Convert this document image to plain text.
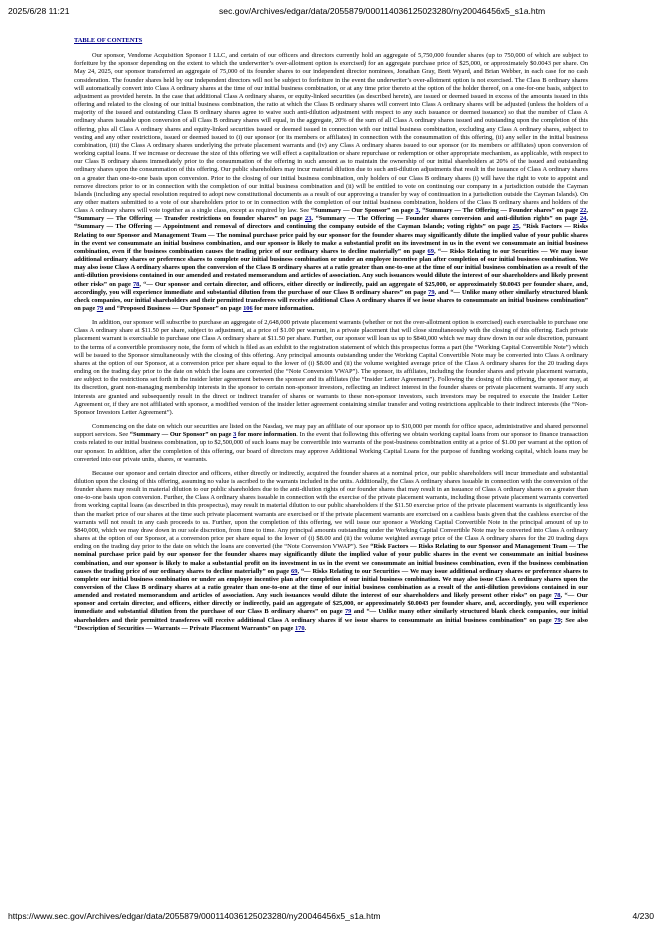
2025/6/28 11:21	sec.gov/Archives/edgar/data/2055879/000114036125023280/ny20046456x5_s1a.htm
TABLE OF CONTENTS

Our sponsor, Vendome Acquisition Sponsor I LLC, and certain of our officers and directors currently hold an aggregate of 5,750,000 founder shares (up to 750,000 of which are subject to forfeiture by the sponsor depending on the extent to which the underwriter’s over-allotment option is exercised) for an aggregate purchase price of $25,000, or approximately $0.0043 per share. On May 24, 2025, our sponsor transferred an aggregate of 75,000 of its founder shares to our independent director nominees, Jonathan Gray, Brett Wyard, and Brian Webber, in each case for no cash consideration. The founder shares held by our independent directors will not be subject to forfeiture in the event the underwriter’s over-allotment option is not exercised. The Class B ordinary shares will automatically convert into Class A ordinary shares at the time of our initial business combination, or at any time prior thereto at the option of the holder thereof, on a one-for-one basis, subject to adjustment as provided herein. In the case that additional Class A ordinary shares, or equity-linked securities (as described herein), are issued or deemed issued in excess of the amounts issued in this offering and related to the closing of our initial business combination, the ratio at which the Class B ordinary shares will convert into Class A ordinary shares will be adjusted (unless the holders of a majority of the issued and outstanding Class B ordinary shares agree to waive such anti-dilution adjustment with respect to any such issuance or deemed issuance) so that the number of Class A ordinary shares issuable upon conversion of all Class B ordinary shares will equal, in the aggregate, 20% of the sum of all Class A ordinary shares issued and outstanding upon the completion of this offering, plus all Class A ordinary shares and equity-linked securities issued or deemed issued in connection with our initial business combination, excluding any Class A ordinary shares, subject to vesting and any other restrictions, issued or deemed issued to (i) our sponsor (or its members or affiliates) in connection with the consummation of this offering, (ii) any seller in the initial business combination, (iii) the Class A ordinary shares underlying the private placement warrants and (iv) any Class A ordinary shares issued to our sponsor (or its members or affiliates) upon conversion of working capital loans. If we increase or decrease the size of this offering we will effect a capitalization or share repurchase or redemption or other appropriate mechanism, as applicable, with respect to our Class B ordinary shares immediately prior to the consummation of the offering in such amount as to maintain the ownership of our initial shareholders at 20% of the issued and outstanding ordinary shares upon the consummation of this offering. Our public shareholders may incur material dilution due to such anti-dilution adjustments that result in the issuance of Class A ordinary shares on a greater than one-to-one basis upon conversion. Prior to the closing of our initial business combination, only holders of our Class B ordinary shares (i) will have the right to vote to appoint and remove directors prior to or in connection with the completion of our initial business combination and (ii) will be entitled to vote on continuing our company in a jurisdiction outside the Cayman Islands (including any special resolution required to adopt new constitutional documents as a result of our approving a transfer by way of continuation in a jurisdiction outside the Cayman Islands). On any other matters submitted to a vote of our shareholders prior to or in connection with the completion of our initial business combination, holders of the Class B ordinary shares and holders of the Class A ordinary shares will vote together as a single class, except as required by law. See “Summary — Our Sponsor” on page 3, “Summary — The Offering — Founder shares” on page 22, “Summary — The Offering — Transfer restrictions on founder shares” on page 23, “Summary — The Offering — Founder shares conversion and anti-dilution rights” on page 24, “Summary — The Offering — Appointment and removal of directors and continuing the company outside of the Cayman Islands; voting rights” on page 25, “Risk Factors — Risks Relating to our Sponsor and Management Team — The nominal purchase price paid by our sponsor for the founder shares may significantly dilute the implied value of your public shares in the event we consummate an initial business combination, and our sponsor is likely to make a substantial profit on its investment in us in the event we consummate an initial business combination, even if the business combination causes the trading price of our ordinary shares to decline materially” on page 69, “— Risks Relating to our Securities — We may issue additional ordinary shares or preference shares to complete our initial business combination or under an employee incentive plan after completion of our initial business combination. We may also issue Class A ordinary shares upon the conversion of the Class B ordinary shares at a ratio greater than one-to-one at the time of our initial business combination as a result of the anti-dilution provisions contained in our amended and restated memorandum and articles of association. Any such issuances would dilute the interest of our shareholders and likely present other risks” on page 78, “— Our sponsor and certain director, and officers, either directly or indirectly, paid an aggregate of $25,000, or approximately $0.0043 per founder share, and, accordingly, you will experience immediate and substantial dilution from the purchase of our Class B ordinary shares” on page 79, and “— Unlike many other similarly structured blank check companies, our initial shareholders and their permitted transferees will receive additional Class A ordinary shares if we issue shares to consummate an initial business combination” on page 79 and “Proposed Business — Our Sponsor” on page 106 for more information.

In addition, our sponsor will subscribe to purchase an aggregate of 2,648,000 private placement warrants (whether or not the over-allotment option is exercised) each exercisable to purchase one Class A ordinary share at $11.50 per share, subject to adjustment, at a price of $1.00 per warrant, in a private placement that will close simultaneously with the closing of this offering. Each private placement warrant is exercisable to purchase one Class A ordinary share at $11.50 per share. Further, our sponsor will loan us up to $840,000 which we may draw down in our sole discretion, pursuant to the terms of a convertible promissory note, the form of which is filed as an exhibit to the registration statement of which this prospectus forms a part (the “Working Capital Convertible Note”) which will be issued to the Sponsor simultaneously with the closing of this offering. Any principal amounts outstanding under the Working Capital Convertible Note may be converted into Class A ordinary shares at the option of our Sponsor, at a conversion price per share equal to the lower of (i) $8.00 and (ii) the volume weighted average price of the Class A ordinary shares for the 20 trading days ending on the trading day prior to the date on which the loans are converted (the “Note Conversion VWAP”). The sponsor, its affiliates, including the founder shares and private placement warrants, are subject to the restrictions set forth in the insider letter agreement between the sponsor and its affiliates (the “Insider Letter Agreement”). Following the closing of this offering, the sponsor may, at its discretion, grant non-managing membership interests in the sponsor to certain non-sponsor investors, reflecting an indirect interest in the founder shares or private placement warrants. If any such interests are granted and subsequently result in the direct or indirect transfer of shares or warrants to these non-sponsor investors, such investors may be required to execute the Insider Letter Agreement or, if they are not affiliated with sponsor, a modified version of the insider letter agreement containing similar transfer and voting restrictions applicable to their indirect interests (the “Non-Sponsor Investors Letter Agreement”).

Commencing on the date on which our securities are listed on the Nasdaq, we may pay an affiliate of our sponsor up to $10,000 per month for office space, administrative and shared personnel support services. See “Summary — Our Sponsor” on page 3 for more information. In the event that following this offering we obtain working capital loans from our sponsor to finance transaction costs related to our initial business combination, up to $2,500,000 of such loans may be convertible into warrants of the post-business combination entity at a price of $1.00 per warrant at the option of our sponsor. In addition, after the completion of this offering, our board of directors may approve Additional Working Capital Loans for the purpose of funding working capital, which loans may be converted into our private units, shares, or warrants.

Because our sponsor and certain director and officers, either directly or indirectly, acquired the founder shares at a nominal price, our public shareholders will incur immediate and substantial dilution upon the closing of this offering, assuming no value is ascribed to the warrants included in the units. Additionally, the Class A ordinary shares issuable in connection with the conversion of the founder shares may result in material dilution to our public shareholders due to the anti-dilution rights of our founder shares that may result in an issuance of Class A ordinary shares on a greater than one-to-one basis upon conversion. Further, the Class A ordinary shares issuable in connection with the exercise of the private placement warrants, including those private placement warrants converted from working capital loans (as described in this prospectus), may result in material dilution to our public shareholders if the $11.50 exercise price of the private placement warrants is significantly less than the market price of our shares at the time such private placement warrants are exercised or if the private placement warrants are exercised on a cashless basis given that the cashless exercise of the warrants will not result in any cash proceeds to us. Further, upon the completion of this offering, we will issue our sponsor a Working Capital Convertible Note in the principal amount of up to $840,000, which we may draw down in our sole discretion, from time to time. Any principal amounts outstanding under the Working Capital Convertible Note may be converted into Class A ordinary shares at the option of our Sponsor, at a conversion price per share equal to the lower of (i) $8.00 and (ii) the volume weighted average price of the Class A ordinary shares for the 20 trading days ending on the trading day prior to the date on which the loans are converted (the “Note Conversion VWAP”). See “Risk Factors — Risks Relating to our Sponsor and Management Team — The nominal purchase price paid by our sponsor for the founder shares may significantly dilute the implied value of your public shares in the event we consummate an initial business combination, and our sponsor is likely to make a substantial profit on its investment in us in the event we consummate an initial business combination, even if the business combination causes the trading price of our ordinary shares to decline materially” on page 69, “— Risks Relating to our Securities — We may issue additional ordinary shares or preference shares to complete our initial business combination or under an employee incentive plan after completion of our initial business combination. We may also issue Class A ordinary shares upon the conversion of the Class B ordinary shares at a ratio greater than one-to-one at the time of our initial business combination as a result of the anti-dilution provisions contained in our amended and restated memorandum and articles of association. Any such issuances would dilute the interest of our shareholders and likely present other risks” on page 78, “— Our sponsor and certain director, and officers, either directly or indirectly, paid an aggregate of $25,000, or approximately $0.0043 per founder share, and, accordingly, you will experience immediate and substantial dilution from the purchase of our Class B ordinary shares” on page 79 and “— Unlike many other similarly structured blank check companies, our initial shareholders and their permitted transferees will receive additional Class A ordinary shares if we issue shares to consummate an initial business combination” on page 79; See also “Description of Securities — Warrants — Private Placement Warrants” on page 170.

https://www.sec.gov/Archives/edgar/data/2055879/000114036125023280/ny20046456x5_s1a.htm	4/230
